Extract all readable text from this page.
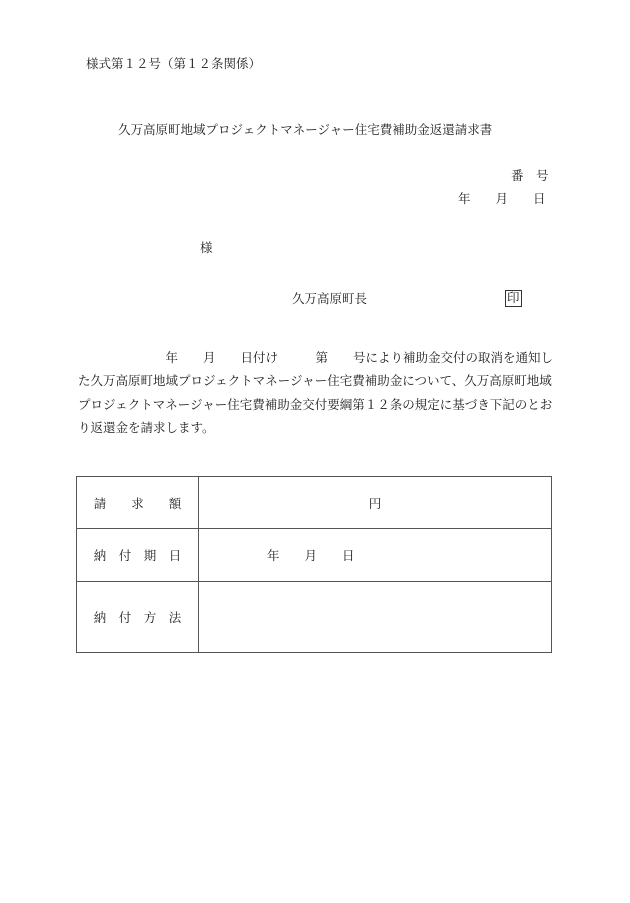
様式第１２号（第１２条関係）
久万高原町地域プロジェクトマネージャー住宅費補助金返還請求書
番　号
年　　月　　日
様
久万高原町長	印
　　　　　　　年　　月　　日付け　　　第　　号により補助金交付の取消を通知した久万高原町地域プロジェクトマネージャー住宅費補助金について、久万高原町地域プロジェクトマネージャー住宅費補助金交付要綱第１２条の規定に基づき下記のとおり返還金を請求します。
請　　求　　額	円
納　付　期　日	年　　月　　日
納　付　方　法	
